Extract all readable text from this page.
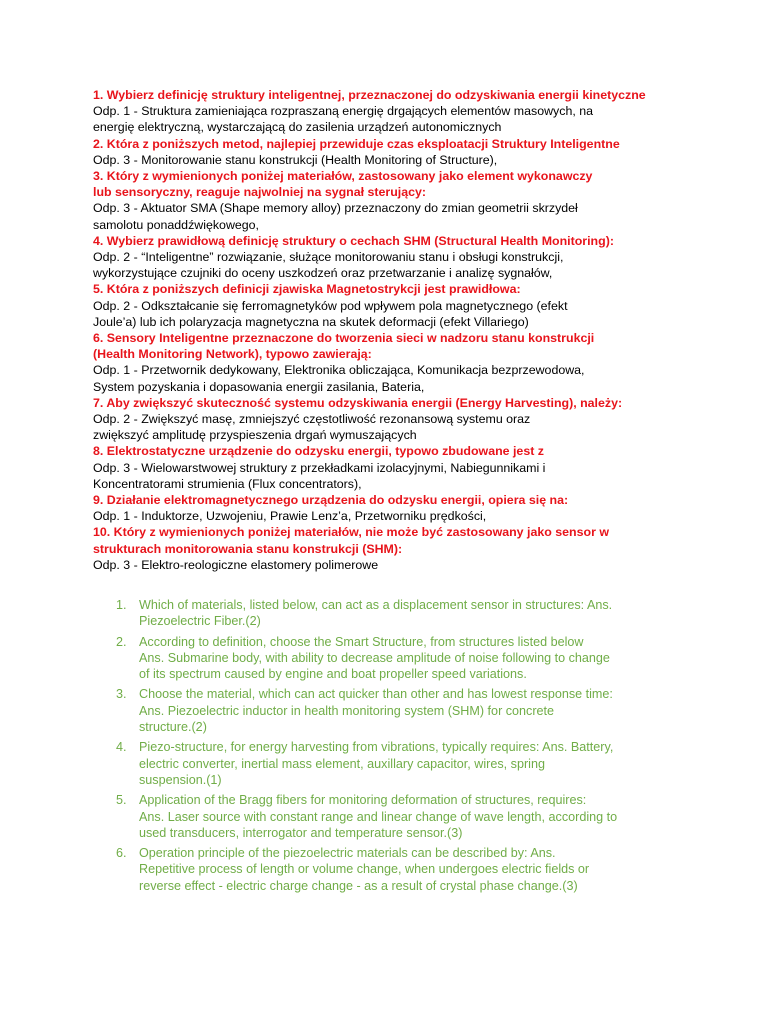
1. Wybierz definicję struktury inteligentnej, przeznaczonej do odzyskiwania energii kinetyczne
Odp. 1 - Struktura zamieniająca rozpraszaną energię drgających elementów masowych, na
energię elektryczną, wystarczającą do zasilenia urządzeń autonomicznych
2. Która z poniższych metod, najlepiej przewiduje czas eksploatacji Struktury Inteligentne
Odp. 3 - Monitorowanie stanu konstrukcji (Health Monitoring of Structure),
3. Który z wymienionych poniżej materiałów, zastosowany jako element wykonawczy
lub sensoryczny, reaguje najwolniej na sygnał sterujący:
Odp. 3 - Aktuator SMA (Shape memory alloy) przeznaczony do zmian geometrii skrzydeł
samolotu ponaddźwiękowego,
4. Wybierz prawidłową definicję struktury o cechach SHM (Structural Health Monitoring):
Odp. 2 - “Inteligentne” rozwiązanie, służące monitorowaniu stanu i obsługi konstrukcji,
wykorzystujące czujniki do oceny uszkodzeń oraz przetwarzanie i analizę sygnałów,
5. Która z poniższych definicji zjawiska Magnetostrykcji jest prawidłowa:
Odp. 2 - Odkształcanie się ferromagnetyków pod wpływem pola magnetycznego (efekt
Joule’a) lub ich polaryzacja magnetyczna na skutek deformacji (efekt Villariego)
6. Sensory Inteligentne przeznaczone do tworzenia sieci w nadzoru stanu konstrukcji
(Health Monitoring Network), typowo zawierają:
Odp. 1 - Przetwornik dedykowany, Elektronika obliczająca, Komunikacja bezprzewodowa,
System pozyskania i dopasowania energii zasilania, Bateria,
7. Aby zwiększyć skuteczność systemu odzyskiwania energii (Energy Harvesting), należy:
Odp. 2 - Zwiększyć masę, zmniejszyć częstotliwość rezonansową systemu oraz
zwiększyć amplitudę przyspieszenia drgań wymuszających
8. Elektrostatyczne urządzenie do odzysku energii, typowo zbudowane jest z
Odp. 3 - Wielowarstwowej struktury z przekładkami izolacyjnymi, Nabiegunnikami i
Koncentratorami strumienia (Flux concentrators),
9. Działanie elektromagnetycznego urządzenia do odzysku energii, opiera się na:
Odp. 1 - Induktorze, Uzwojeniu, Prawie Lenz’a, Przetworniku prędkości,
10. Który z wymienionych poniżej materiałów, nie może być zastosowany jako sensor w
strukturach monitorowania stanu konstrukcji (SHM):
Odp. 3 - Elektro-reologiczne elastomery polimerowe
1. Which of materials, listed below, can act as a displacement sensor in structures: Ans.
Piezoelectric Fiber.(2)
2. According to definition, choose the Smart Structure, from structures listed below
Ans. Submarine body, with ability to decrease amplitude of noise following to change
of its spectrum caused by engine and boat propeller speed variations.
3. Choose the material, which can act quicker than other and has lowest response time:
Ans. Piezoelectric inductor in health monitoring system (SHM) for concrete
structure.(2)
4. Piezo-structure, for energy harvesting from vibrations, typically requires: Ans. Battery,
electric converter, inertial mass element, auxillary capacitor, wires, spring
suspension.(1)
5. Application of the Bragg fibers for monitoring deformation of structures, requires:
Ans. Laser source with constant range and linear change of wave length, according to
used transducers, interrogator and temperature sensor.(3)
6. Operation principle of the piezoelectric materials can be described by: Ans.
Repetitive process of length or volume change, when undergoes electric fields or
reverse effect - electric charge change - as a result of crystal phase change.(3)
